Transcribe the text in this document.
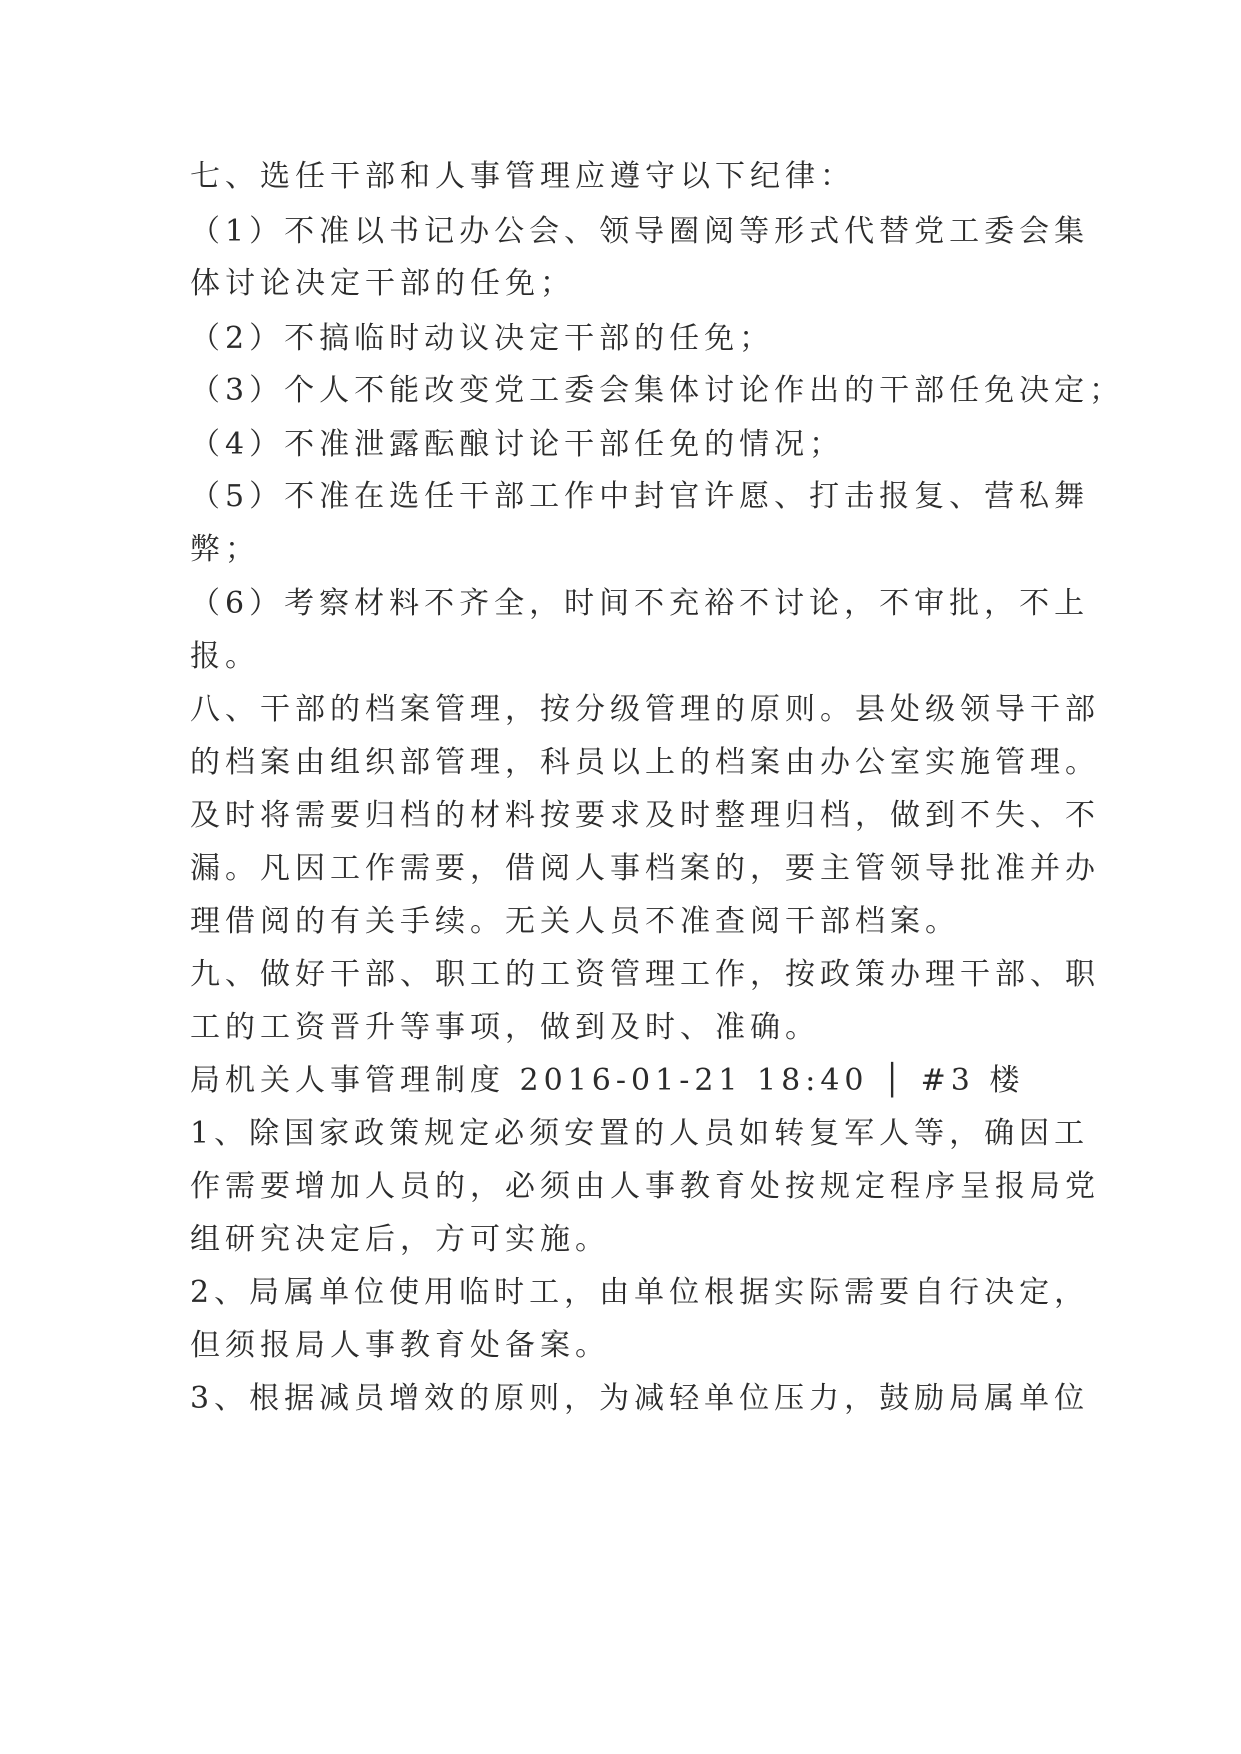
七、选任干部和人事管理应遵守以下纪律：
（1）不准以书记办公会、领导圈阅等形式代替党工委会集
体讨论决定干部的任免；
（2）不搞临时动议决定干部的任免；
（3）个人不能改变党工委会集体讨论作出的干部任免决定；
（4）不准泄露酝酿讨论干部任免的情况；
（5）不准在选任干部工作中封官许愿、打击报复、营私舞
弊；
（6）考察材料不齐全，时间不充裕不讨论，不审批，不上
报。
八、干部的档案管理，按分级管理的原则。县处级领导干部
的档案由组织部管理，科员以上的档案由办公室实施管理。
及时将需要归档的材料按要求及时整理归档，做到不失、不
漏。凡因工作需要，借阅人事档案的，要主管领导批准并办
理借阅的有关手续。无关人员不准查阅干部档案。
九、做好干部、职工的工资管理工作，按政策办理干部、职
工的工资晋升等事项，做到及时、准确。
局机关人事管理制度 2016-01-21 18:40 │ #3 楼
1、除国家政策规定必须安置的人员如转复军人等，确因工
作需要增加人员的，必须由人事教育处按规定程序呈报局党
组研究决定后，方可实施。
2、局属单位使用临时工，由单位根据实际需要自行决定，
但须报局人事教育处备案。
3、根据减员增效的原则，为减轻单位压力，鼓励局属单位
